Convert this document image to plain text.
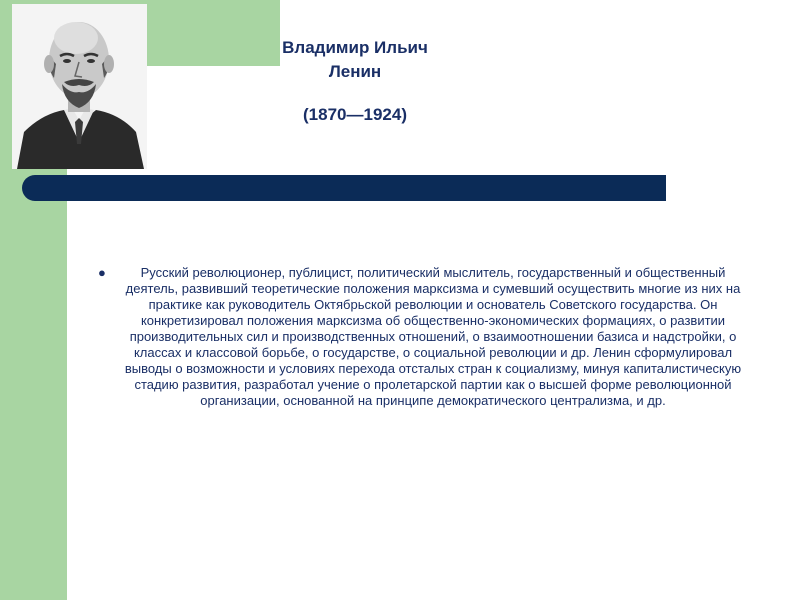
Владимир Ильич
Ленин
(1870—1924)
●	Русский революционер, публицист, политический мыслитель, государственный и общественный деятель, развивший теоретические положения марксизма и сумевший осуществить многие из них на практике как руководитель Октябрьской революции и основатель Советского государства. Он конкретизировал положения марксизма об общественно-экономических формациях, о развитии производительных сил и производственных отношений, о взаимоотношении базиса и надстройки, о классах и классовой борьбе, о государстве, о социальной революции и др. Ленин сформулировал выводы о возможности и условиях перехода отсталых стран к социализму, минуя капиталистическую стадию развития, разработал учение о пролетарской партии как о высшей форме революционной организации, основанной на принципе демократического централизма, и др.
